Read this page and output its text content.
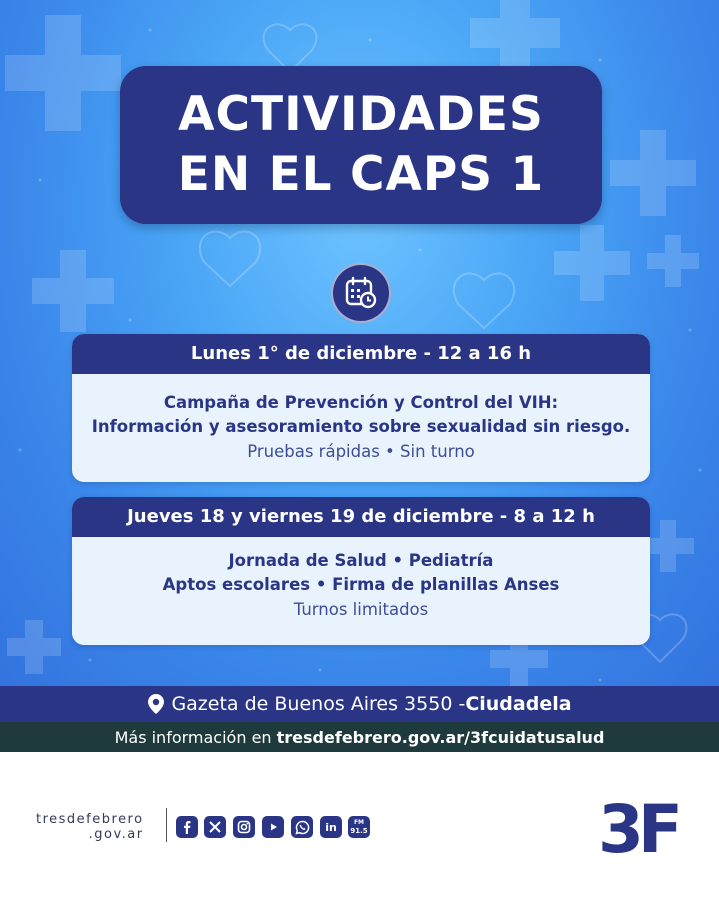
ACTIVIDADES
EN EL CAPS 1
Lunes 1° de diciembre - 12 a 16 h
Campaña de Prevención y Control del VIH:
Información y asesoramiento sobre sexualidad sin riesgo.
Pruebas rápidas • Sin turno
Jueves 18 y viernes 19 de diciembre - 8 a 12 h
Jornada de Salud • Pediatría
Aptos escolares • Firma de planillas Anses
Turnos limitados
Gazeta de Buenos Aires 3550 - Ciudadela
Más información en
tresdefebrero.gov.ar/3fcuidatusalud
tresdefebrero
.gov.ar	in	FM
91.5	3F
